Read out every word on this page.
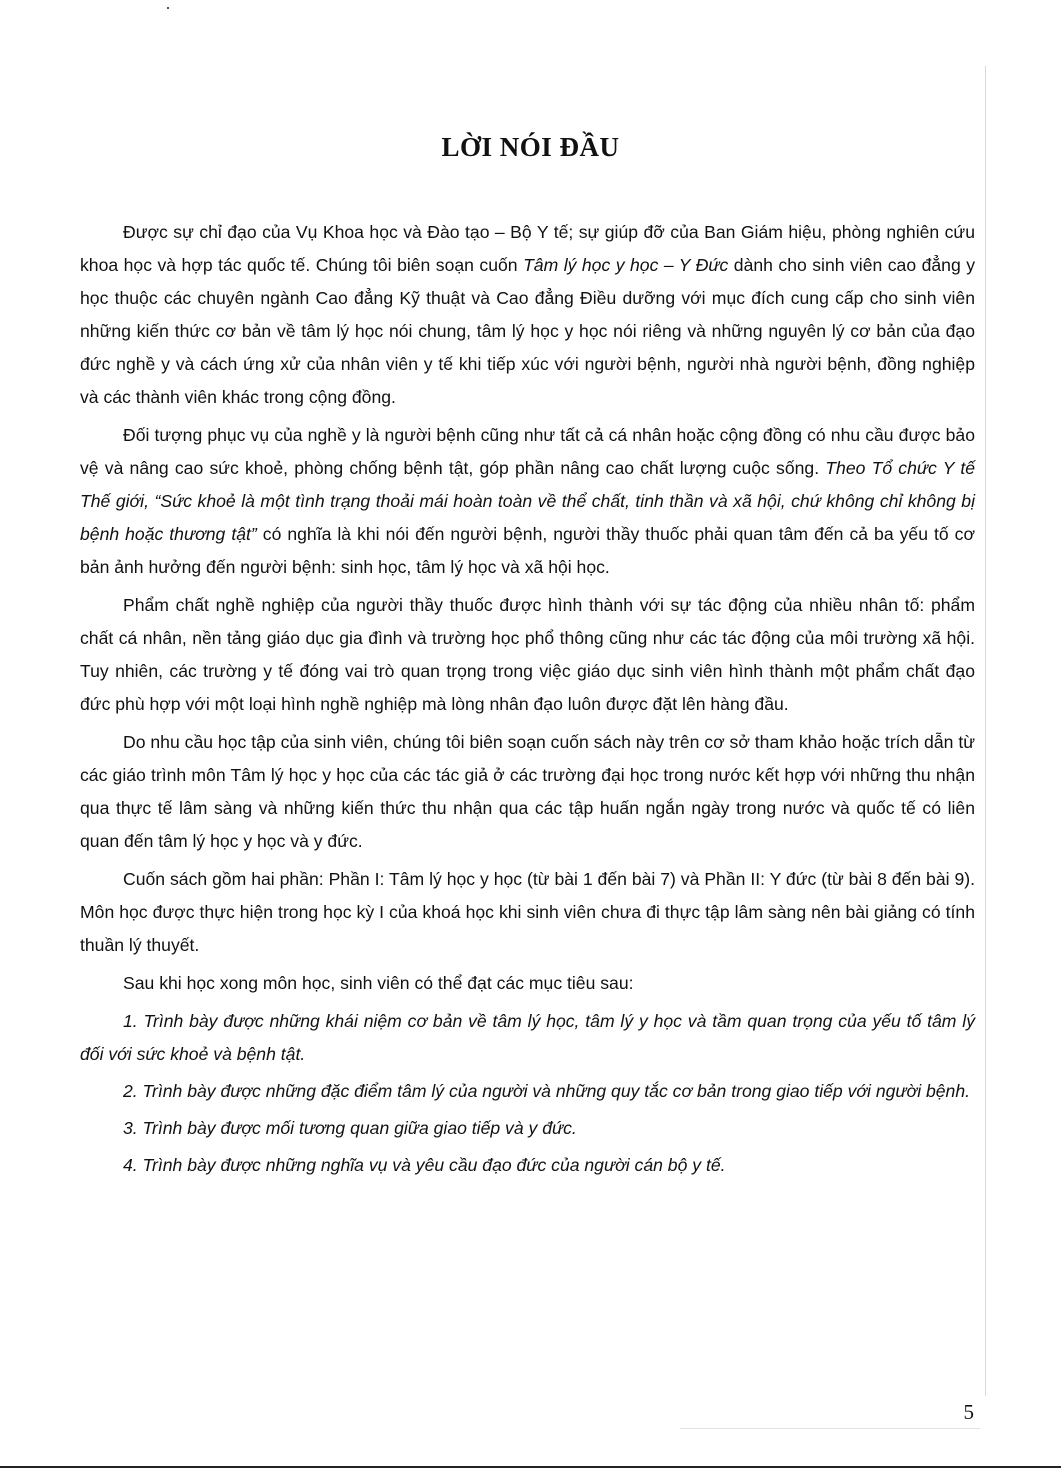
LỜI NÓI ĐẦU

Được sự chỉ đạo của Vụ Khoa học và Đào tạo – Bộ Y tế; sự giúp đỡ của Ban Giám hiệu, phòng nghiên cứu khoa học và hợp tác quốc tế. Chúng tôi biên soạn cuốn Tâm lý học y học – Y Đức dành cho sinh viên cao đẳng y học thuộc các chuyên ngành Cao đẳng Kỹ thuật và Cao đẳng Điều dưỡng với mục đích cung cấp cho sinh viên những kiến thức cơ bản về tâm lý học nói chung, tâm lý học y học nói riêng và những nguyên lý cơ bản của đạo đức nghề y và cách ứng xử của nhân viên y tế khi tiếp xúc với người bệnh, người nhà người bệnh, đồng nghiệp và các thành viên khác trong cộng đồng.

Đối tượng phục vụ của nghề y là người bệnh cũng như tất cả cá nhân hoặc cộng đồng có nhu cầu được bảo vệ và nâng cao sức khoẻ, phòng chống bệnh tật, góp phần nâng cao chất lượng cuộc sống. Theo Tổ chức Y tế Thế giới, “Sức khoẻ là một tình trạng thoải mái hoàn toàn về thể chất, tinh thần và xã hội, chứ không chỉ không bị bệnh hoặc thương tật” có nghĩa là khi nói đến người bệnh, người thầy thuốc phải quan tâm đến cả ba yếu tố cơ bản ảnh hưởng đến người bệnh: sinh học, tâm lý học và xã hội học.

Phẩm chất nghề nghiệp của người thầy thuốc được hình thành với sự tác động của nhiều nhân tố: phẩm chất cá nhân, nền tảng giáo dục gia đình và trường học phổ thông cũng như các tác động của môi trường xã hội. Tuy nhiên, các trường y tế đóng vai trò quan trọng trong việc giáo dục sinh viên hình thành một phẩm chất đạo đức phù hợp với một loại hình nghề nghiệp mà lòng nhân đạo luôn được đặt lên hàng đầu.

Do nhu cầu học tập của sinh viên, chúng tôi biên soạn cuốn sách này trên cơ sở tham khảo hoặc trích dẫn từ các giáo trình môn Tâm lý học y học của các tác giả ở các trường đại học trong nước kết hợp với những thu nhận qua thực tế lâm sàng và những kiến thức thu nhận qua các tập huấn ngắn ngày trong nước và quốc tế có liên quan đến tâm lý học y học và y đức.

Cuốn sách gồm hai phần: Phần I: Tâm lý học y học (từ bài 1 đến bài 7) và Phần II: Y đức (từ bài 8 đến bài 9). Môn học được thực hiện trong học kỳ I của khoá học khi sinh viên chưa đi thực tập lâm sàng nên bài giảng có tính thuần lý thuyết.

Sau khi học xong môn học, sinh viên có thể đạt các mục tiêu sau:

1. Trình bày được những khái niệm cơ bản về tâm lý học, tâm lý y học và tầm quan trọng của yếu tố tâm lý đối với sức khoẻ và bệnh tật.

2. Trình bày được những đặc điểm tâm lý của người và những quy tắc cơ bản trong giao tiếp với người bệnh.

3. Trình bày được mối tương quan giữa giao tiếp và y đức.

4. Trình bày được những nghĩa vụ và yêu cầu đạo đức của người cán bộ y tế.

5
